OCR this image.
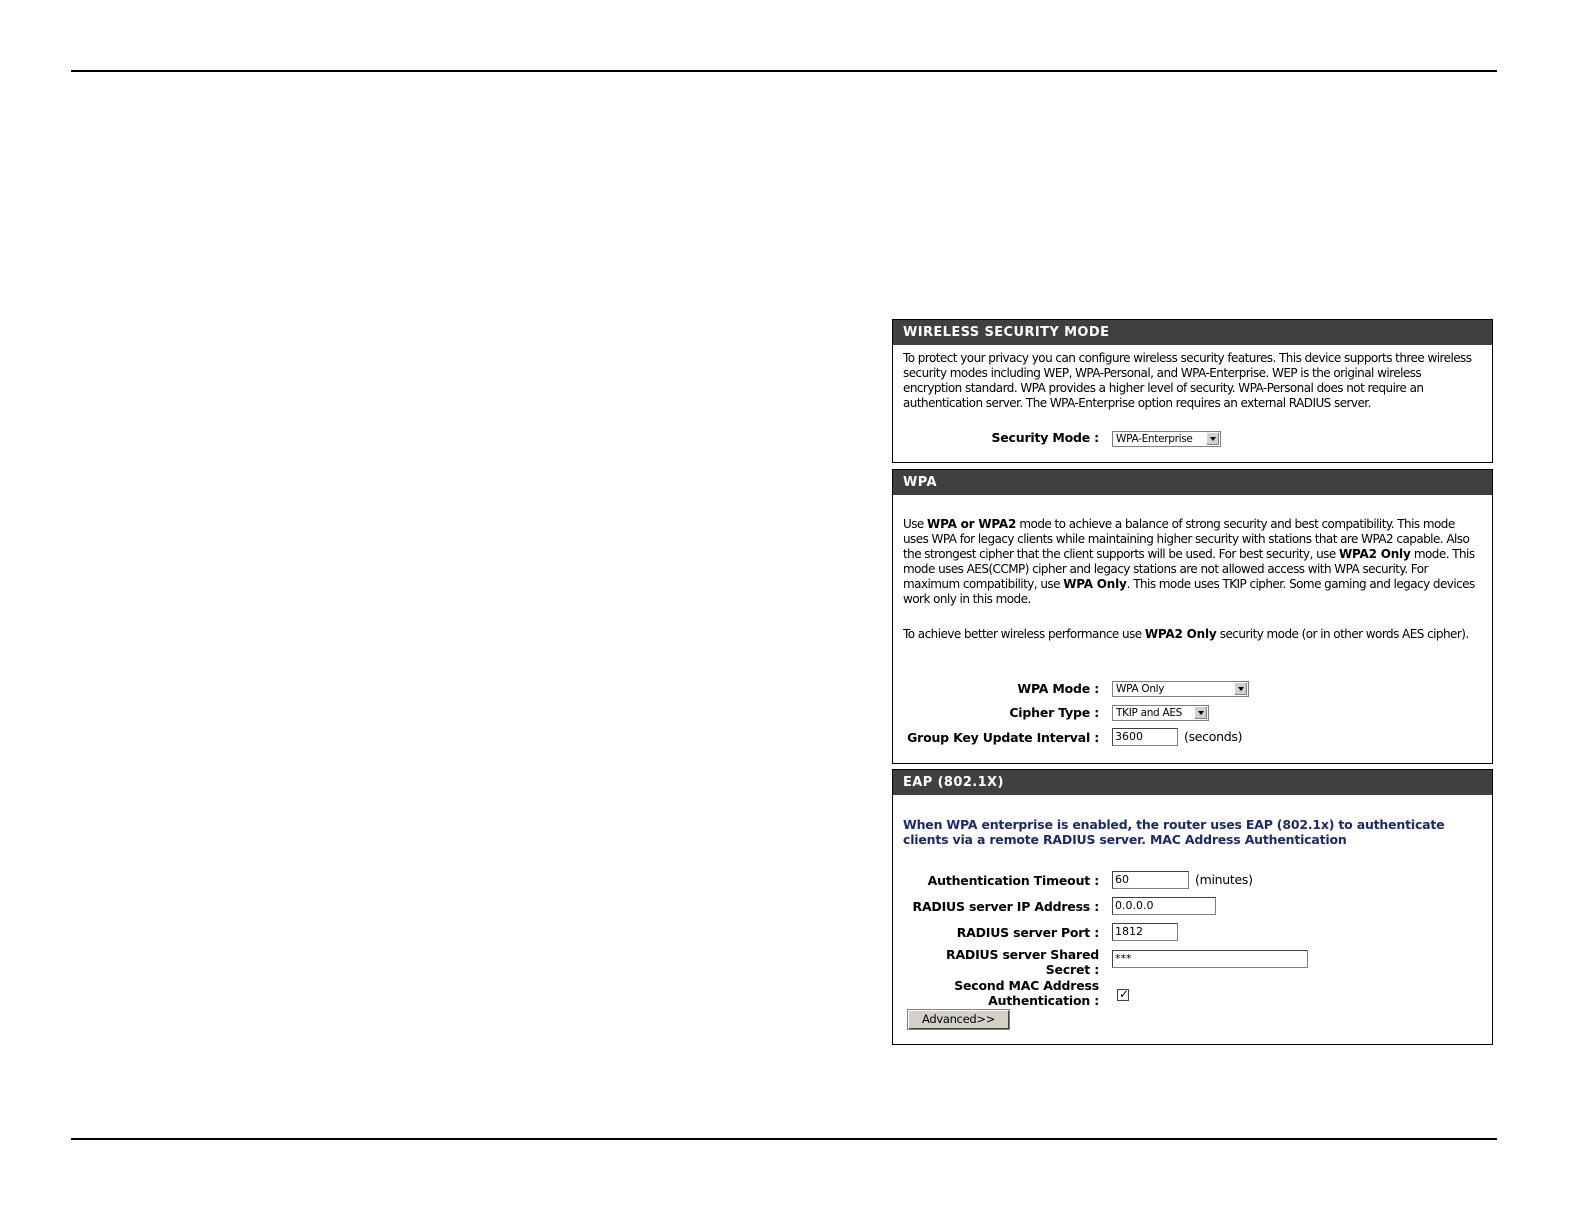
WIRELESS SECURITY MODE

To protect your privacy you can configure wireless security features. This device supports three wireless security modes including WEP, WPA-Personal, and WPA-Enterprise. WEP is the original wireless encryption standard. WPA provides a higher level of security. WPA-Personal does not require an authentication server. The WPA-Enterprise option requires an external RADIUS server.

Security Mode :	WPA-Enterprise
WPA

Use WPA or WPA2 mode to achieve a balance of strong security and best compatibility. This mode uses WPA for legacy clients while maintaining higher security with stations that are WPA2 capable. Also the strongest cipher that the client supports will be used. For best security, use WPA2 Only mode. This mode uses AES(CCMP) cipher and legacy stations are not allowed access with WPA security. For maximum compatibility, use WPA Only. This mode uses TKIP cipher. Some gaming and legacy devices work only in this mode.

To achieve better wireless performance use WPA2 Only security mode (or in other words AES cipher).

WPA Mode :	WPA Only
Cipher Type :	TKIP and AES
Group Key Update Interval : 3600	$^{(seconds)}$
EAP (802.1X)

When WPA enterprise is enabled, the router uses EAP (802.1x) to authenticate clients via a remote RADIUS server. MAC Address Authentication

Authentication Timeout : 60	$^{(minutes)}$
RADIUS server IP Address : 0.0.0.0
RADIUS server Port : 1812
RADIUS server Shared
Secret :
***
Second MAC Address
Authentication : ✓
Advanced>>
